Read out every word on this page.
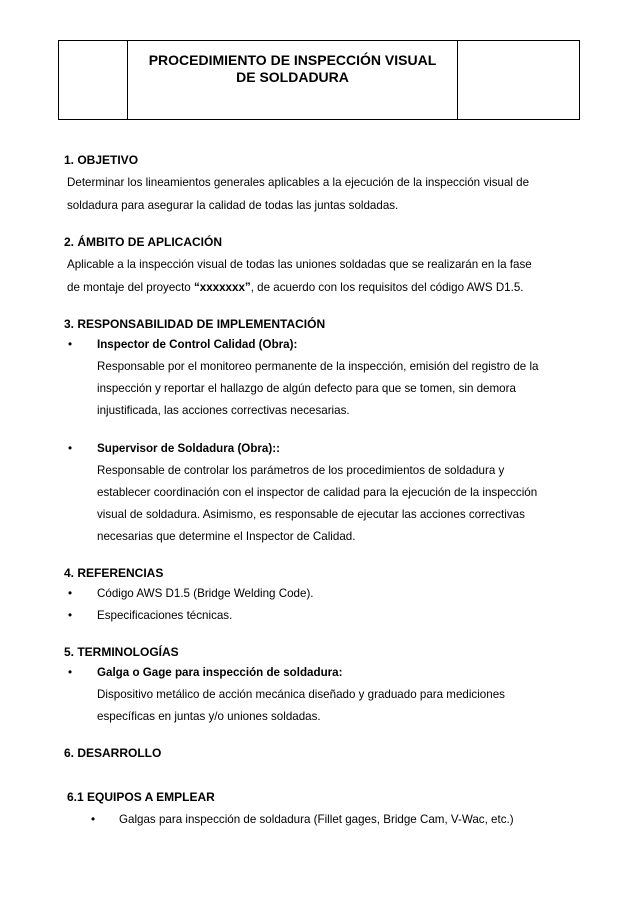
PROCEDIMIENTO DE INSPECCIÓN VISUAL
DE SOLDADURA

1. OBJETIVO

Determinar los lineamientos generales aplicables a la ejecución de la inspección visual de

soldadura para asegurar la calidad de todas las juntas soldadas.

2. ÁMBITO DE APLICACIÓN

Aplicable a la inspección visual de todas las uniones soldadas que se realizarán en la fase

de montaje del proyecto “xxxxxxx”, de acuerdo con los requisitos del código AWS D1.5.

3. RESPONSABILIDAD DE IMPLEMENTACIÓN

•	Inspector de Control Calidad (Obra):
Responsable por el monitoreo permanente de la inspección, emisión del registro de la
inspección y reportar el hallazgo de algún defecto para que se tomen, sin demora
injustificada, las acciones correctivas necesarias.
•	Supervisor de Soldadura (Obra)::
Responsable de controlar los parámetros de los procedimientos de soldadura y
establecer coordinación con el inspector de calidad para la ejecución de la inspección
visual de soldadura. Asimismo, es responsable de ejecutar las acciones correctivas
necesarias que determine el Inspector de Calidad.

4. REFERENCIAS

•	Código AWS D1.5 (Bridge Welding Code).
•	Especificaciones técnicas.

5. TERMINOLOGÍAS

•	Galga o Gage para inspección de soldadura:
Dispositivo metálico de acción mecánica diseñado y graduado para mediciones
específicas en juntas y/o uniones soldadas.

6. DESARROLLO

6.1 EQUIPOS A EMPLEAR
•	Galgas para inspección de soldadura (Fillet gages, Bridge Cam, V-Wac, etc.)
